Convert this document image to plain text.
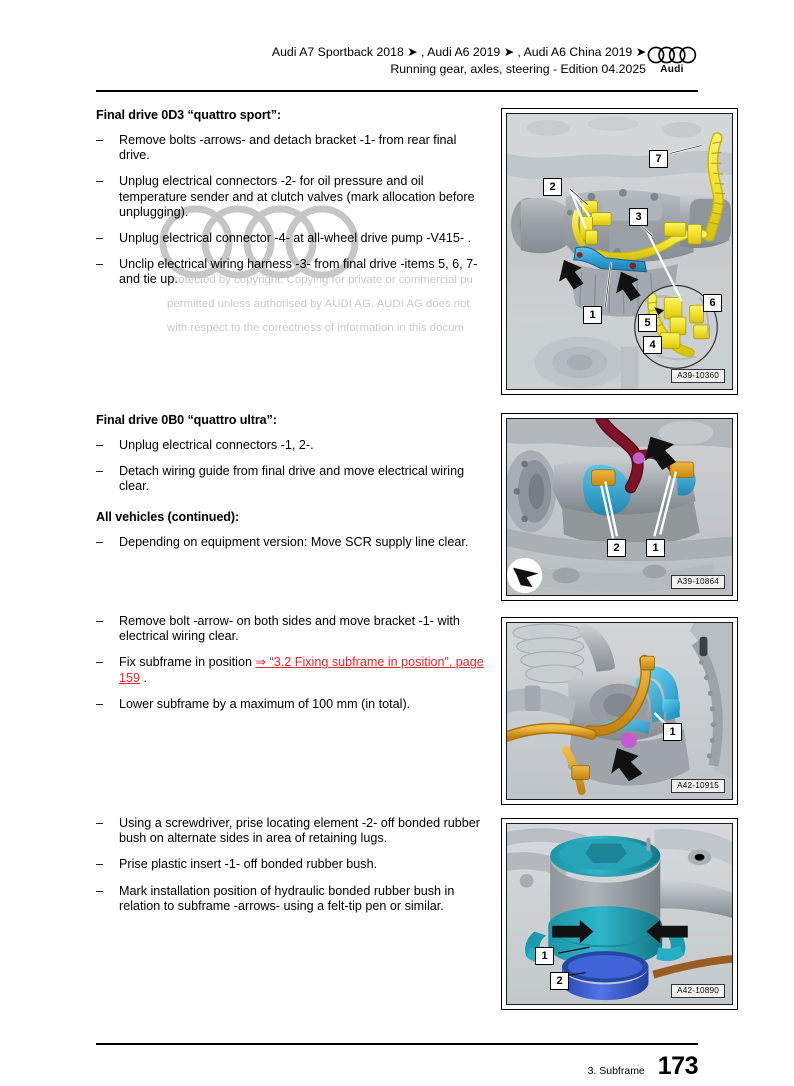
Audi A7 Sportback 2018 ➤ , Audi A6 2019 ➤ , Audi A6 China 2019 ➤
Running gear, axles, steering - Edition 04.2025	Audi
Protected by copyright. Copying for private or commercial pu
permitted unless authorised by AUDI AG. AUDI AG does not
with respect to the correctness of information in this docum
Final drive 0D3 “quattro sport”:
–	Remove bolts -arrows- and detach bracket -1- from rear final drive.
–	Unplug electrical connectors -2- for oil pressure and oil temperature sender and at clutch valves (mark allocation before unplugging).
–	Unplug electrical connector -4- at all-wheel drive pump -V415- .
–	Unclip electrical wiring harness -3- from final drive -items 5, 6, 7- and tie up.
Final drive 0B0 “quattro ultra”:
–	Unplug electrical connectors -1, 2-.
–	Detach wiring guide from final drive and move electrical wiring clear.
All vehicles (continued):
–	Depending on equipment version: Move SCR supply line clear.
–	Remove bolt -arrow- on both sides and move bracket -1- with electrical wiring clear.
–	Fix subframe in position ⇒ “3.2 Fixing subframe in position”, page 159 .
–	Lower subframe by a maximum of 100 mm (in total).
–	Using a screwdriver, prise locating element -2- off bonded rubber bush on alternate sides in area of retaining lugs.
–	Prise plastic insert -1- off bonded rubber bush.
–	Mark installation position of hydraulic bonded rubber bush in relation to subframe -arrows- using a felt-tip pen or similar.
7
2
3
1
5
4
6
A39-10360
2	1
A39-10864
1
A42-10915
1
2
A42-10890
3. Subframe 173
